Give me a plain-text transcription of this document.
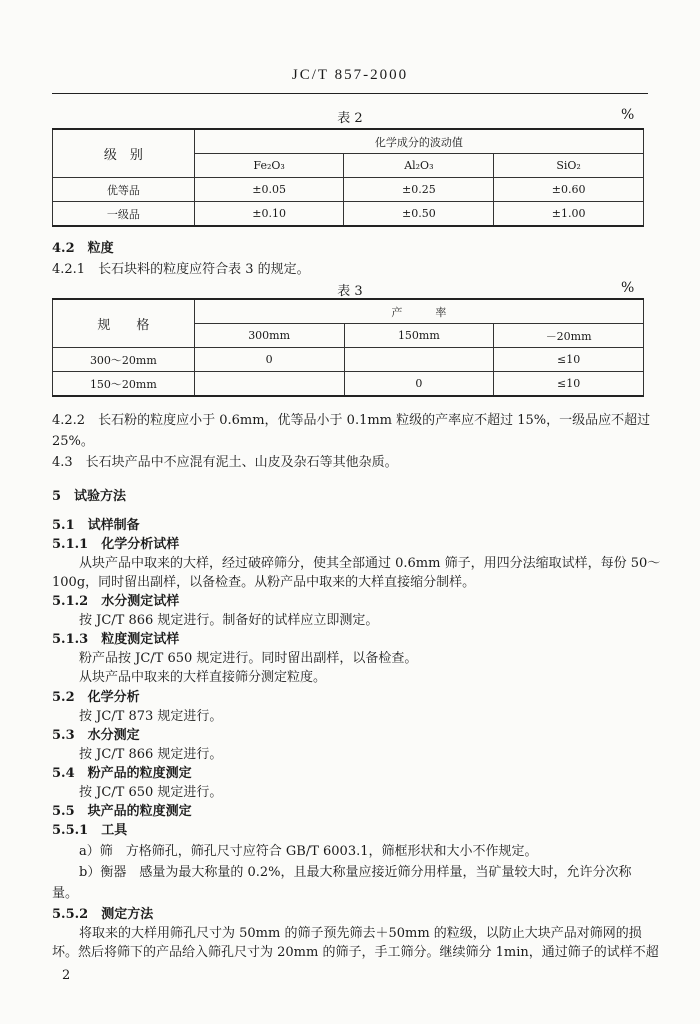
JC/T 857-2000
表 2	%
级　别	化学成分的波动值		
	Fe₂O₃	Al₂O₃	SiO₂
优等品	±0.05	±0.25	±0.60
一级品	±0.10	±0.50	±1.00
4.2　粒度
4.2.1　长石块料的粒度应符合表 3 的规定。
表 3	%
规　　格	产　　　率		
	300mm	150mm	－20mm
300～20mm	0		≤10
150～20mm		0	≤10
4.2.2　长石粉的粒度应小于 0.6mm，优等品小于 0.1mm 粒级的产率应不超过 15%，一级品应不超过
25%。
4.3　长石块产品中不应混有泥土、山皮及杂石等其他杂质。
5　试验方法
5.1　试样制备
5.1.1　化学分析试样
从块产品中取来的大样，经过破碎筛分，使其全部通过 0.6mm 筛子，用四分法缩取试样，每份 50～
100g，同时留出副样，以备检查。从粉产品中取来的大样直接缩分制样。
5.1.2　水分测定试样
按 JC/T 866 规定进行。制备好的试样应立即测定。
5.1.3　粒度测定试样
粉产品按 JC/T 650 规定进行。同时留出副样，以备检查。
从块产品中取来的大样直接筛分测定粒度。
5.2　化学分析
按 JC/T 873 规定进行。
5.3　水分测定
按 JC/T 866 规定进行。
5.4　粉产品的粒度测定
按 JC/T 650 规定进行。
5.5　块产品的粒度测定
5.5.1　工具
a）筛　方格筛孔，筛孔尺寸应符合 GB/T 6003.1，筛框形状和大小不作规定。
b）衡器　感量为最大称量的 0.2%，且最大称量应接近筛分用样量，当矿量较大时，允许分次称
量。
5.5.2　测定方法
将取来的大样用筛孔尺寸为 50mm 的筛子预先筛去＋50mm 的粒级，以防止大块产品对筛网的损
坏。然后将筛下的产品给入筛孔尺寸为 20mm 的筛子，手工筛分。继续筛分 1min，通过筛子的试样不超
2
